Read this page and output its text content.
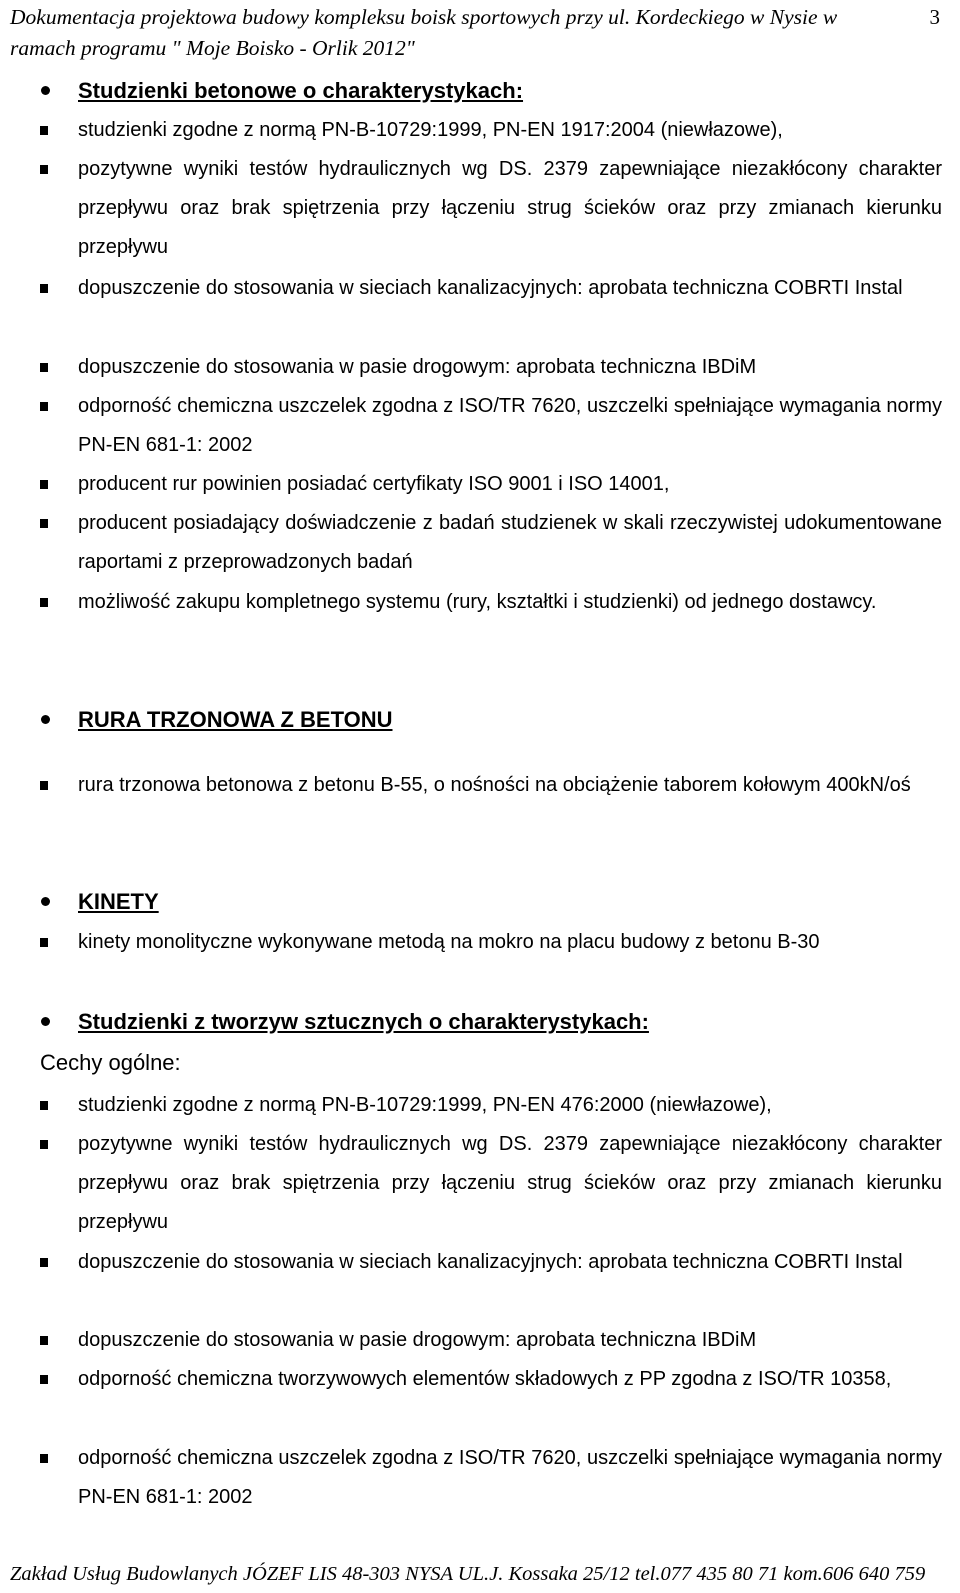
Dokumentacja projektowa budowy kompleksu boisk sportowych przy ul. Kordeckiego w Nysie w ramach programu " Moje Boisko - Orlik 2012"
3
Studzienki betonowe o charakterystykach:
studzienki zgodne z normą PN-B-10729:1999, PN-EN 1917:2004 (niewłazowe),
pozytywne wyniki testów hydraulicznych wg DS. 2379 zapewniające niezakłócony charakter przepływu oraz brak spiętrzenia przy łączeniu strug ścieków oraz przy zmianach kierunku przepływu
dopuszczenie do stosowania w sieciach kanalizacyjnych: aprobata techniczna COBRTI Instal
dopuszczenie do stosowania w pasie drogowym: aprobata techniczna IBDiM
odporność chemiczna uszczelek zgodna z ISO/TR 7620, uszczelki spełniające wymagania normy PN-EN 681-1: 2002
producent rur powinien posiadać certyfikaty ISO 9001 i ISO 14001,
producent posiadający doświadczenie z badań studzienek w skali rzeczywistej udokumentowane raportami z przeprowadzonych badań
możliwość zakupu kompletnego systemu (rury, kształtki i studzienki) od jednego dostawcy.
RURA TRZONOWA Z BETONU
rura trzonowa betonowa z betonu B-55, o nośności na obciążenie taborem kołowym 400kN/oś
KINETY
kinety monolityczne wykonywane metodą na mokro na placu budowy z betonu B-30
Studzienki z tworzyw sztucznych o charakterystykach:
Cechy ogólne:
studzienki zgodne z normą PN-B-10729:1999, PN-EN 476:2000 (niewłazowe),
pozytywne wyniki testów hydraulicznych wg DS. 2379 zapewniające niezakłócony charakter przepływu oraz brak spiętrzenia przy łączeniu strug ścieków oraz przy zmianach kierunku przepływu
dopuszczenie do stosowania w sieciach kanalizacyjnych: aprobata techniczna COBRTI Instal
dopuszczenie do stosowania w pasie drogowym: aprobata techniczna IBDiM
odporność chemiczna tworzywowych elementów składowych z PP zgodna z ISO/TR 10358,
odporność chemiczna uszczelek zgodna z ISO/TR 7620, uszczelki spełniające wymagania normy PN-EN 681-1: 2002
Zakład Usług Budowlanych JÓZEF LIS 48-303 NYSA UL.J. Kossaka 25/12 tel.077 435 80 71 kom.606 640 759
